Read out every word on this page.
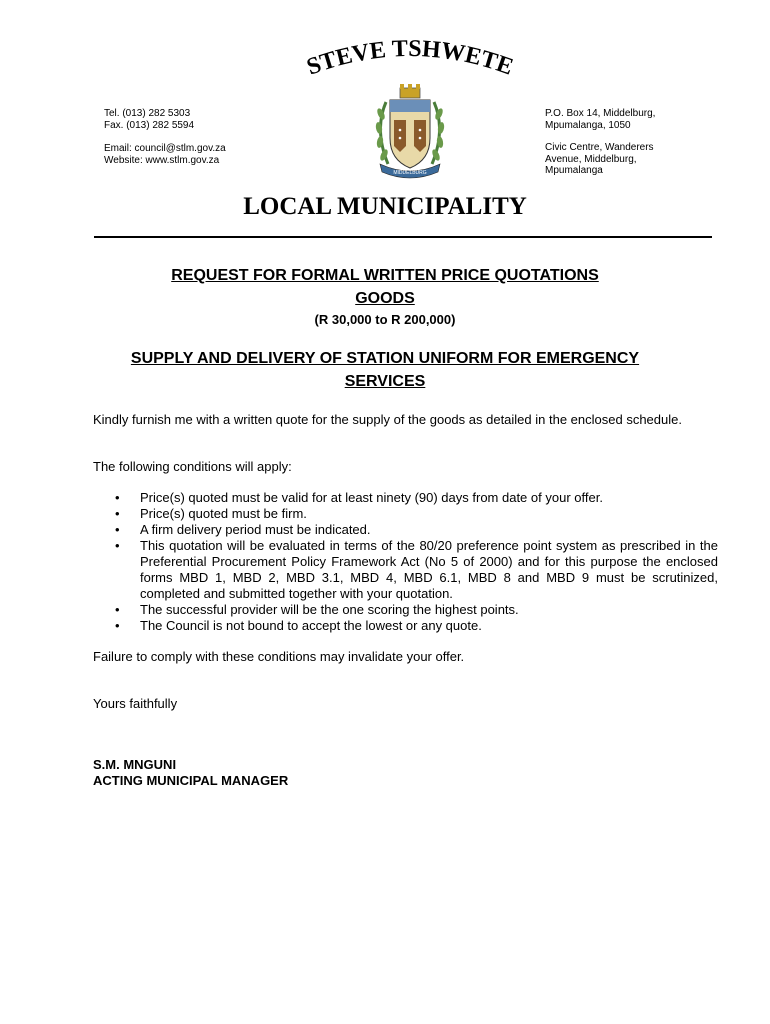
STEVE TSHWETE
Tel. (013) 282 5303
Fax. (013) 282 5594
Email: council@stlm.gov.za
Website: www.stlm.gov.za
MIDDELBURG
P.O. Box 14, Middelburg,
Mpumalanga, 1050
Civic Centre, Wanderers
Avenue, Middelburg,
Mpumalanga
LOCAL MUNICIPALITY
REQUEST FOR FORMAL WRITTEN PRICE QUOTATIONS
GOODS
(R 30,000 to R 200,000)
SUPPLY AND DELIVERY OF STATION UNIFORM FOR EMERGENCY
SERVICES
Kindly furnish me with a written quote for the supply of the goods as detailed in the enclosed schedule.
The following conditions will apply:
• Price(s) quoted must be valid for at least ninety (90) days from date of your offer.
• Price(s) quoted must be firm.
• A firm delivery period must be indicated.
• This quotation will be evaluated in terms of the 80/20 preference point system as prescribed in the Preferential Procurement Policy Framework Act (No 5 of 2000) and for this purpose the enclosed forms MBD 1, MBD 2, MBD 3.1, MBD 4, MBD 6.1, MBD 8 and MBD 9 must be scrutinized, completed and submitted together with your quotation.
• The successful provider will be the one scoring the highest points.
• The Council is not bound to accept the lowest or any quote.
Failure to comply with these conditions may invalidate your offer.
Yours faithfully
S.M. MNGUNI
ACTING MUNICIPAL MANAGER
